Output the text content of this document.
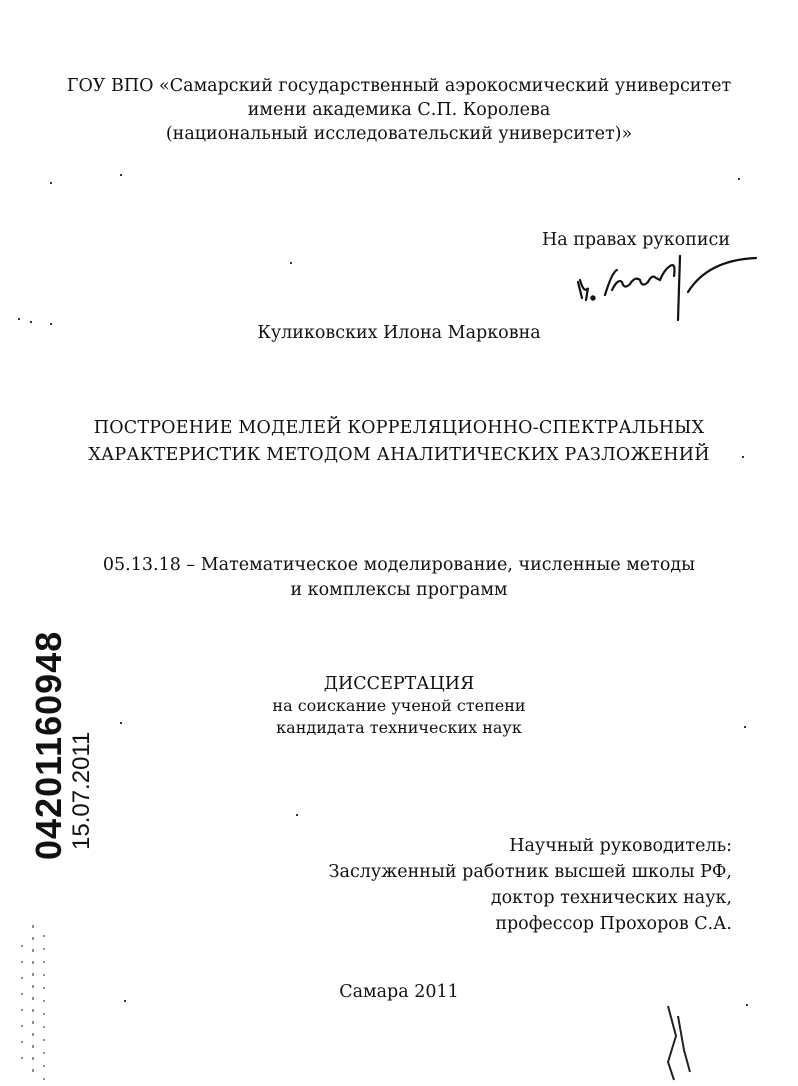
ГОУ ВПО «Самарский государственный аэрокосмический университет
имени академика С.П. Королева
(национальный исследовательский университет)»
На правах рукописи
Куликовских Илона Марковна
ПОСТРОЕНИЕ МОДЕЛЕЙ КОРРЕЛЯЦИОННО-СПЕКТРАЛЬНЫХ
ХАРАКТЕРИСТИК МЕТОДОМ АНАЛИТИЧЕСКИХ РАЗЛОЖЕНИЙ
05.13.18 – Математическое моделирование, численные методы
и комплексы программ
ДИССЕРТАЦИЯ
на соискание ученой степени
кандидата технических наук
Научный руководитель:
Заслуженный работник высшей школы РФ,
доктор технических наук,
профессор Прохоров С.А.
Самара 2011
04201160948 15.07.2011
